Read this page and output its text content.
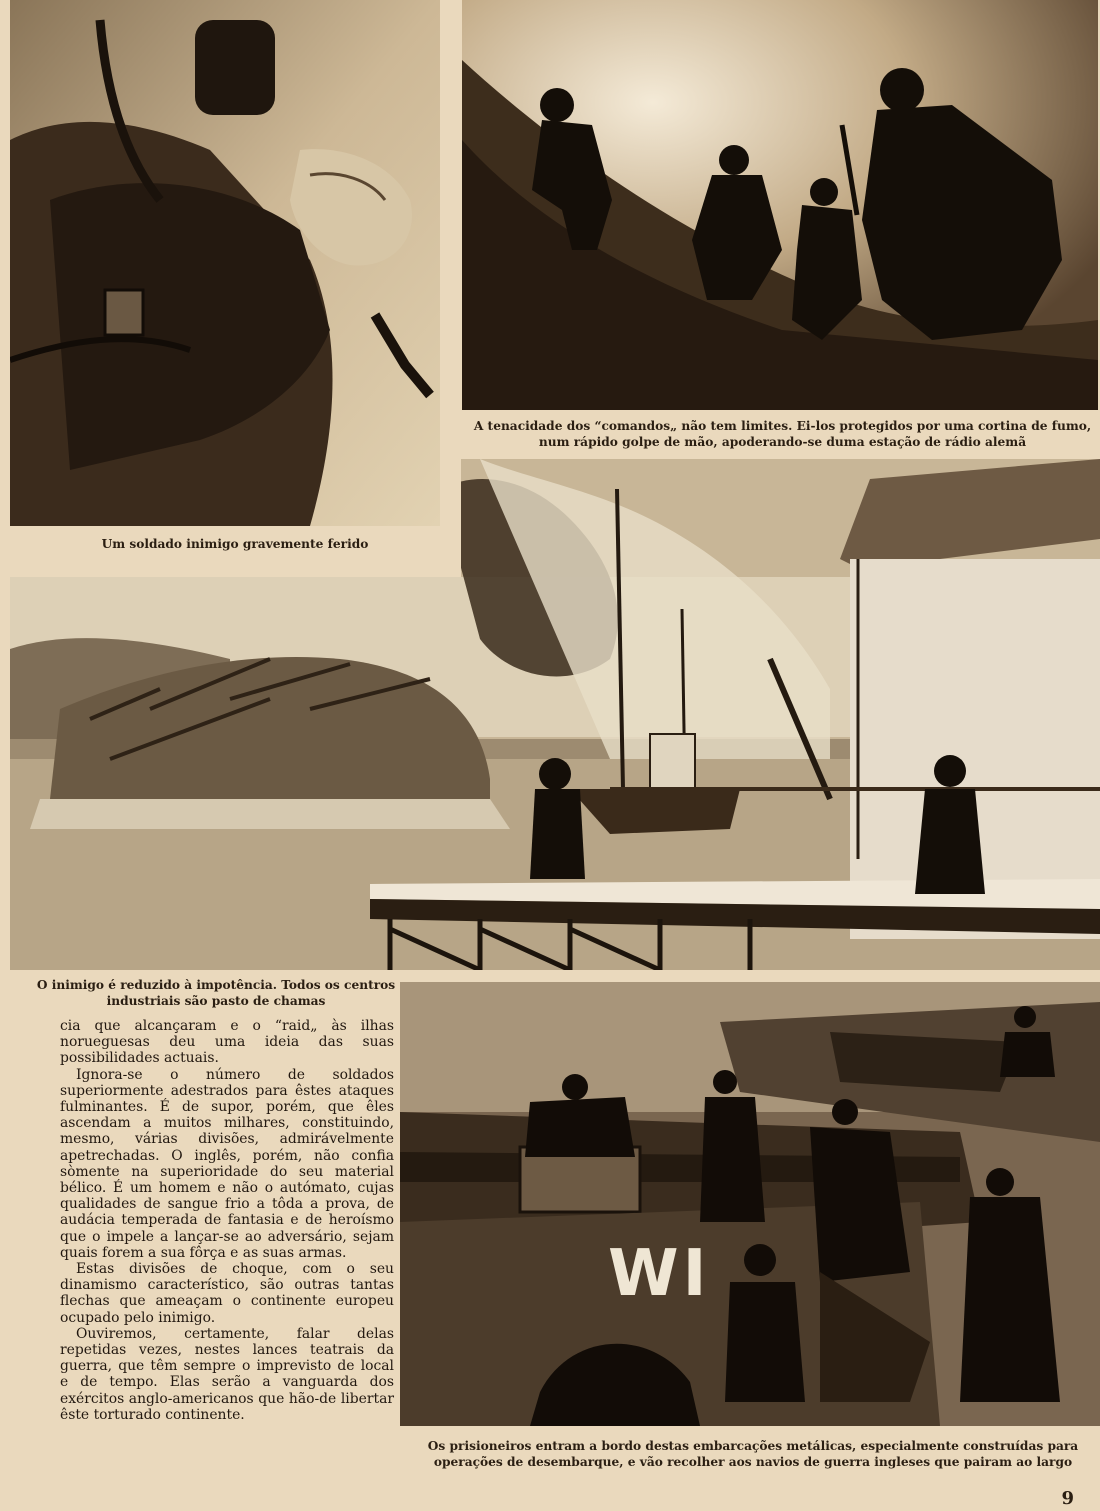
Um soldado inimigo gravemente ferido

A tenacidade dos “comandos„ não tem limites. Ei-los protegidos por uma cortina de fumo, num rápido golpe de mão, apoderando-se duma estação de rádio alemã

O inimigo é reduzido à impotência. Todos os centros industriais são pasto de chamas

WI

Os prisioneiros entram a bordo destas embarcações metálicas, especialmente construídas para operações de desembarque, e vão recolher aos navios de guerra ingleses que pairam ao largo

cia que alcançaram e o “raid„ às ilhas norueguesas deu uma ideia das suas possibilidades actuais.

Ignora-se o número de soldados superiormente adestrados para êstes ataques fulminantes. É de supor, porém, que êles ascendam a muitos milhares, constituindo, mesmo, várias divisões, admirávelmente apetrechadas. O inglês, porém, não confia sòmente na superioridade do seu material bélico. É um homem e não o autómato, cujas qualidades de sangue frio a tôda a prova, de audácia temperada de fantasia e de heroísmo que o impele a lançar-se ao adversário, sejam quais forem a sua fôrça e as suas armas.

Estas divisões de choque, com o seu dinamismo característico, são outras tantas flechas que ameaçam o continente europeu ocupado pelo inimigo.

Ouviremos, certamente, falar delas repetidas vezes, nestes lances teatrais da guerra, que têm sempre o imprevisto de local e de tempo. Elas serão a vanguarda dos exércitos anglo-americanos que hão-de libertar êste torturado continente.

9
